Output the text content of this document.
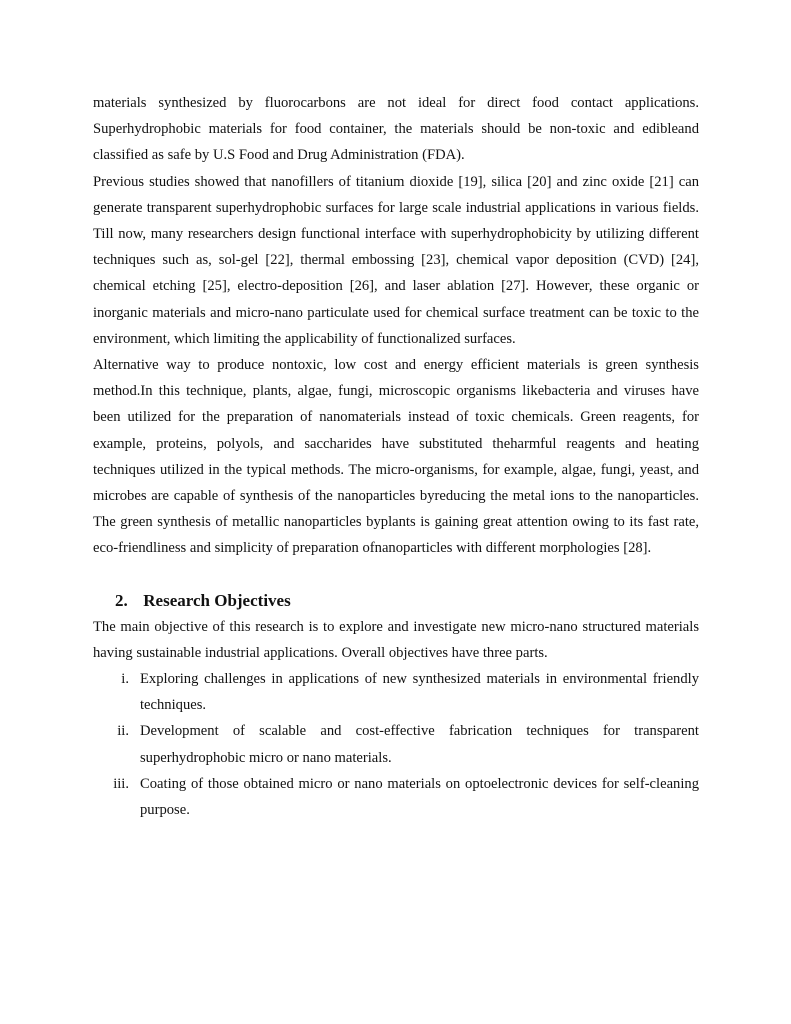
materials synthesized by fluorocarbons are not ideal for direct food contact applications. Superhydrophobic materials for food container, the materials should be non-toxic and edibleand classified as safe by U.S Food and Drug Administration (FDA).

Previous studies showed that nanofillers of titanium dioxide [19], silica [20] and zinc oxide [21] can generate transparent superhydrophobic surfaces for large scale industrial applications in various fields. Till now, many researchers design functional interface with superhydrophobicity by utilizing different techniques such as, sol-gel [22], thermal embossing [23], chemical vapor deposition (CVD) [24], chemical etching [25], electro-deposition [26], and laser ablation [27]. However, these organic or inorganic materials and micro-nano particulate used for chemical surface treatment can be toxic to the environment, which limiting the applicability of functionalized surfaces.

Alternative way to produce nontoxic, low cost and energy efficient materials is green synthesis method.In this technique, plants, algae, fungi, microscopic organisms likebacteria and viruses have been utilized for the preparation of nanomaterials instead of toxic chemicals. Green reagents, for example, proteins, polyols, and saccharides have substituted theharmful reagents and heating techniques utilized in the typical methods. The micro-organisms, for example, algae, fungi, yeast, and microbes are capable of synthesis of the nanoparticles byreducing the metal ions to the nanoparticles. The green synthesis of metallic nanoparticles byplants is gaining great attention owing to its fast rate, eco-friendliness and simplicity of preparation ofnanoparticles with different morphologies [28].

2. Research Objectives

The main objective of this research is to explore and investigate new micro-nano structured materials having sustainable industrial applications. Overall objectives have three parts.

i. Exploring challenges in applications of new synthesized materials in environmental friendly techniques.
ii. Development of scalable and cost-effective fabrication techniques for transparent superhydrophobic micro or nano materials.
iii. Coating of those obtained micro or nano materials on optoelectronic devices for self-cleaning purpose.
